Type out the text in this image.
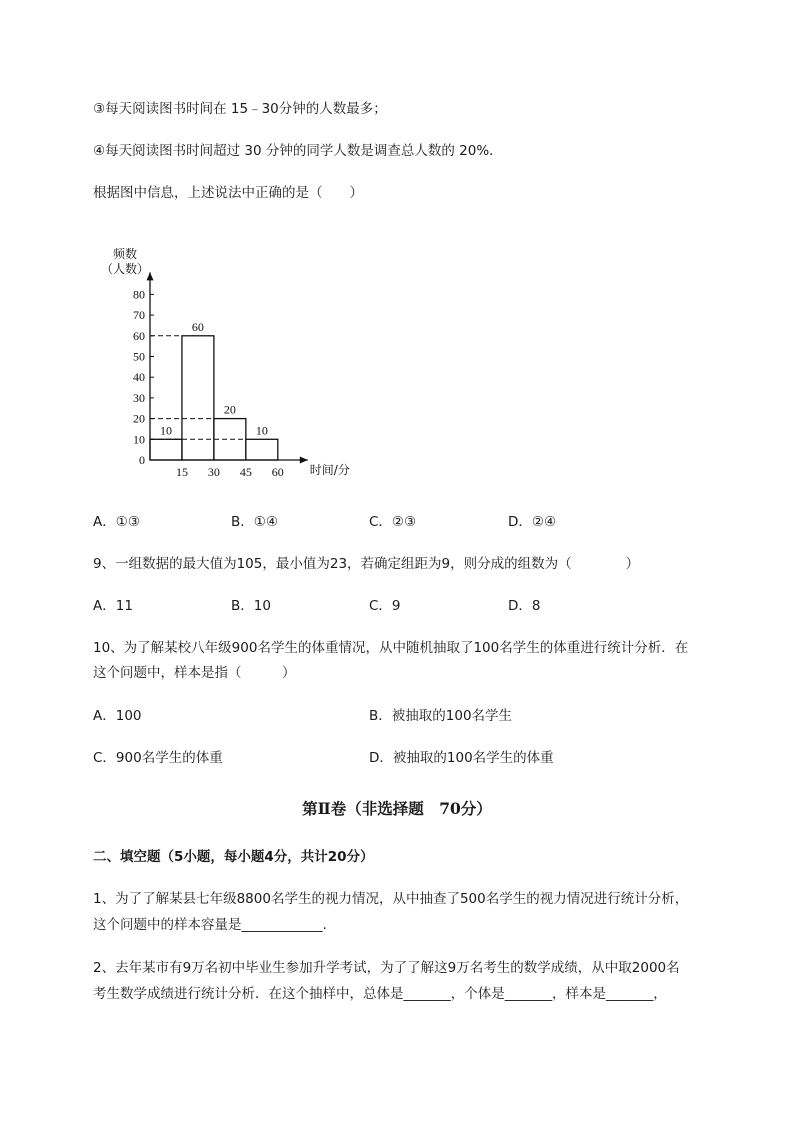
③每天阅读图书时间在 15﹣30分钟的人数最多；
④每天阅读图书时间超过 30 分钟的同学人数是调查总人数的 20%．
根据图中信息，上述说法中正确的是（　　）
0
10
20
30
40
50
60
70
80
15 30 45 60
10
60
20
10
频数
（人数）
时间/分
A．①③	B．①④	C．②③	D．②④
9、一组数据的最大值为105，最小值为23，若确定组距为9，则分成的组数为（　　　　）
A．11	B．10	C．9	D．8
10、为了解某校八年级900名学生的体重情况，从中随机抽取了100名学生的体重进行统计分析．在
这个问题中，样本是指（　　　）
A．100	B．被抽取的100名学生
C．900名学生的体重	D．被抽取的100名学生的体重
第Ⅱ卷（非选择题　70分）
二、填空题（5小题，每小题4分，共计20分）
1、为了了解某县七年级8800名学生的视力情况，从中抽查了500名学生的视力情况进行统计分析，
这个问题中的样本容量是____________.
2、去年某市有9万名初中毕业生参加升学考试，为了了解这9万名考生的数学成绩，从中取2000名
考生数学成绩进行统计分析．在这个抽样中，总体是_______，个体是_______，样本是_______，
